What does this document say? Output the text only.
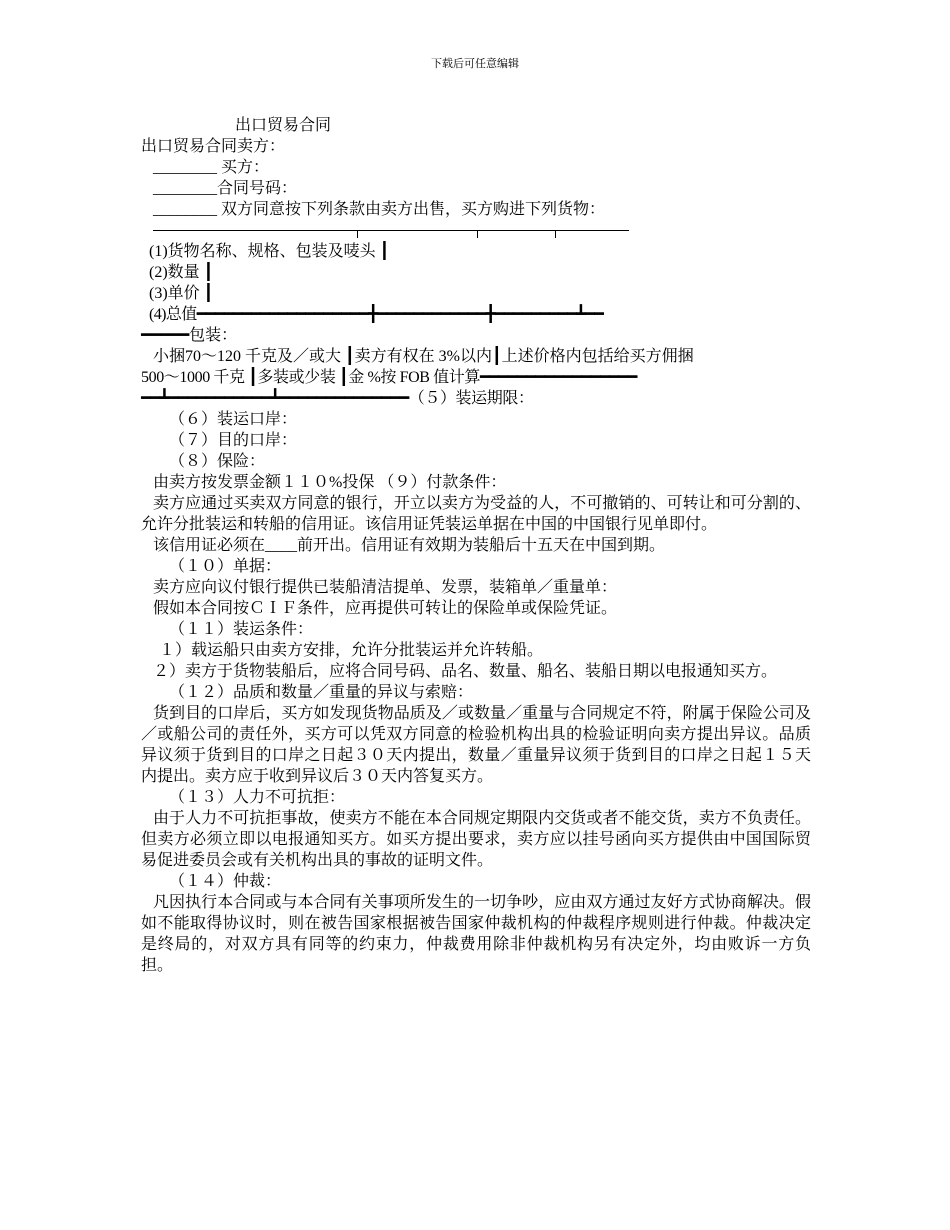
下载后可任意编辑
出口贸易合同
出口贸易合同卖方：
________ 买方：
________合同号码：
________ 双方同意按下列条款由卖方出售，买方购进下列货物：
(1)货物名称、规格、包装及唛头 ┃
(2)数量 ┃
(3)单价 ┃
(4)总值━━━━━━━━━━━━━━━━━━━╋━━━━━━━━━━━━╋━━━━━━━━━┻━━
━━━━━包装：
小捆70～120 千克及／或大 ┃卖方有权在 3%以内┃上述价格内包括给买方佣捆
500～1000 千克 ┃多装或少装 ┃金 %按 FOB 值计算━━━━━━━━━━━━━━━━━
━━┻━━━━━━━━━━━┻━━━━━━━━━━━━━━（５）装运期限：
（６）装运口岸：
（７）目的口岸：
（８）保险：
由卖方按发票金额１１０%投保 （９）付款条件：
卖方应通过买卖双方同意的银行，开立以卖方为受益的人，不可撤销的、可转让和可分割的、允许分批装运和转船的信用证。该信用证凭装运单据在中国的中国银行见单即付。
该信用证必须在____前开出。信用证有效期为装船后十五天在中国到期。
（１０）单据：
卖方应向议付银行提供已装船清洁提单、发票，装箱单／重量单：
假如本合同按ＣＩＦ条件，应再提供可转让的保险单或保险凭证。
（１１）装运条件：
１）载运船只由卖方安排，允许分批装运并允许转船。
２）卖方于货物装船后，应将合同号码、品名、数量、船名、装船日期以电报通知买方。
（１２）品质和数量／重量的异议与索赔：
货到目的口岸后，买方如发现货物品质及／或数量／重量与合同规定不符，附属于保险公司及／或船公司的责任外，买方可以凭双方同意的检验机构出具的检验证明向卖方提出异议。品质异议须于货到目的口岸之日起３０天内提出，数量／重量异议须于货到目的口岸之日起１５天内提出。卖方应于收到异议后３０天内答复买方。
（１３）人力不可抗拒：
由于人力不可抗拒事故，使卖方不能在本合同规定期限内交货或者不能交货，卖方不负责任。但卖方必须立即以电报通知买方。如买方提出要求，卖方应以挂号函向买方提供由中国国际贸易促进委员会或有关机构出具的事故的证明文件。
（１４）仲裁：
凡因执行本合同或与本合同有关事项所发生的一切争吵，应由双方通过友好方式协商解决。假如不能取得协议时，则在被告国家根据被告国家仲裁机构的仲裁程序规则进行仲裁。仲裁决定是终局的，对双方具有同等的约束力，仲裁费用除非仲裁机构另有决定外，均由败诉一方负担。
